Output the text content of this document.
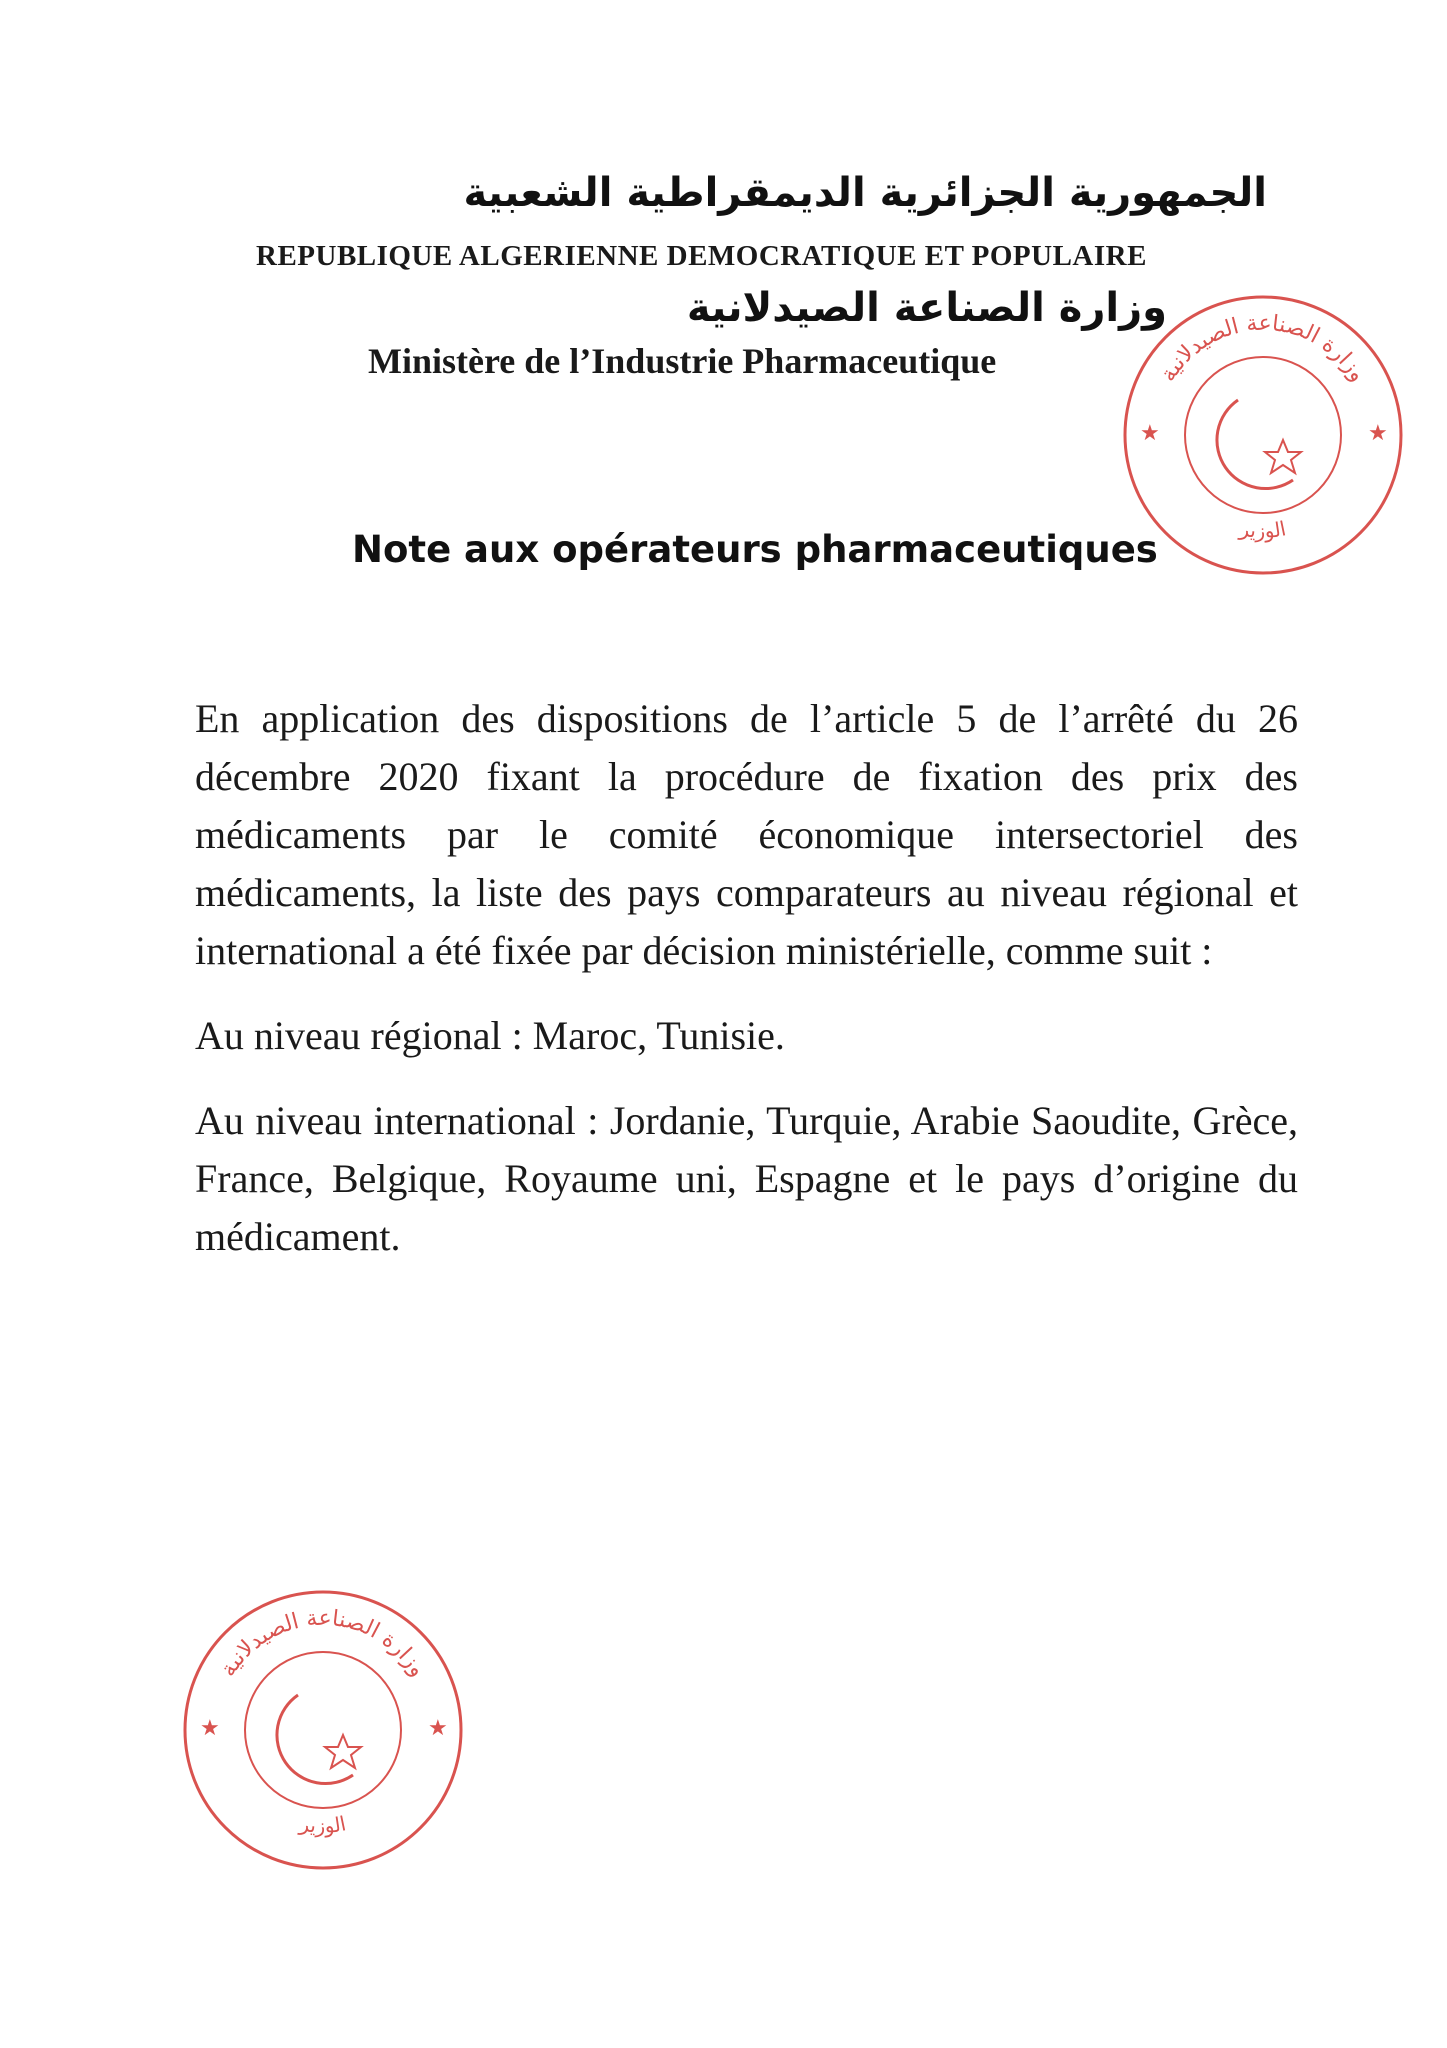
الجمهورية الجزائرية الديمقراطية الشعبية
REPUBLIQUE ALGERIENNE DEMOCRATIQUE ET POPULAIRE
وزارة الصناعة الصيدلانية
Ministère de l’Industrie Pharmaceutique	وزارة الصناعة الصيدلانية
الوزير
★	★
Note aux opérateurs pharmaceutiques

En application des dispositions de l’article 5 de l’arrêté du 26 décembre 2020 fixant la procédure de fixation des prix des médicaments par le comité économique intersectoriel des médicaments, la liste des pays comparateurs au niveau régional et international a été fixée par décision ministérielle, comme suit :

Au niveau régional : Maroc, Tunisie.

Au niveau international : Jordanie, Turquie, Arabie Saoudite, Grèce, France, Belgique, Royaume uni, Espagne et le pays d’origine du médicament.

وزارة الصناعة الصيدلانية
الوزير
★	★
